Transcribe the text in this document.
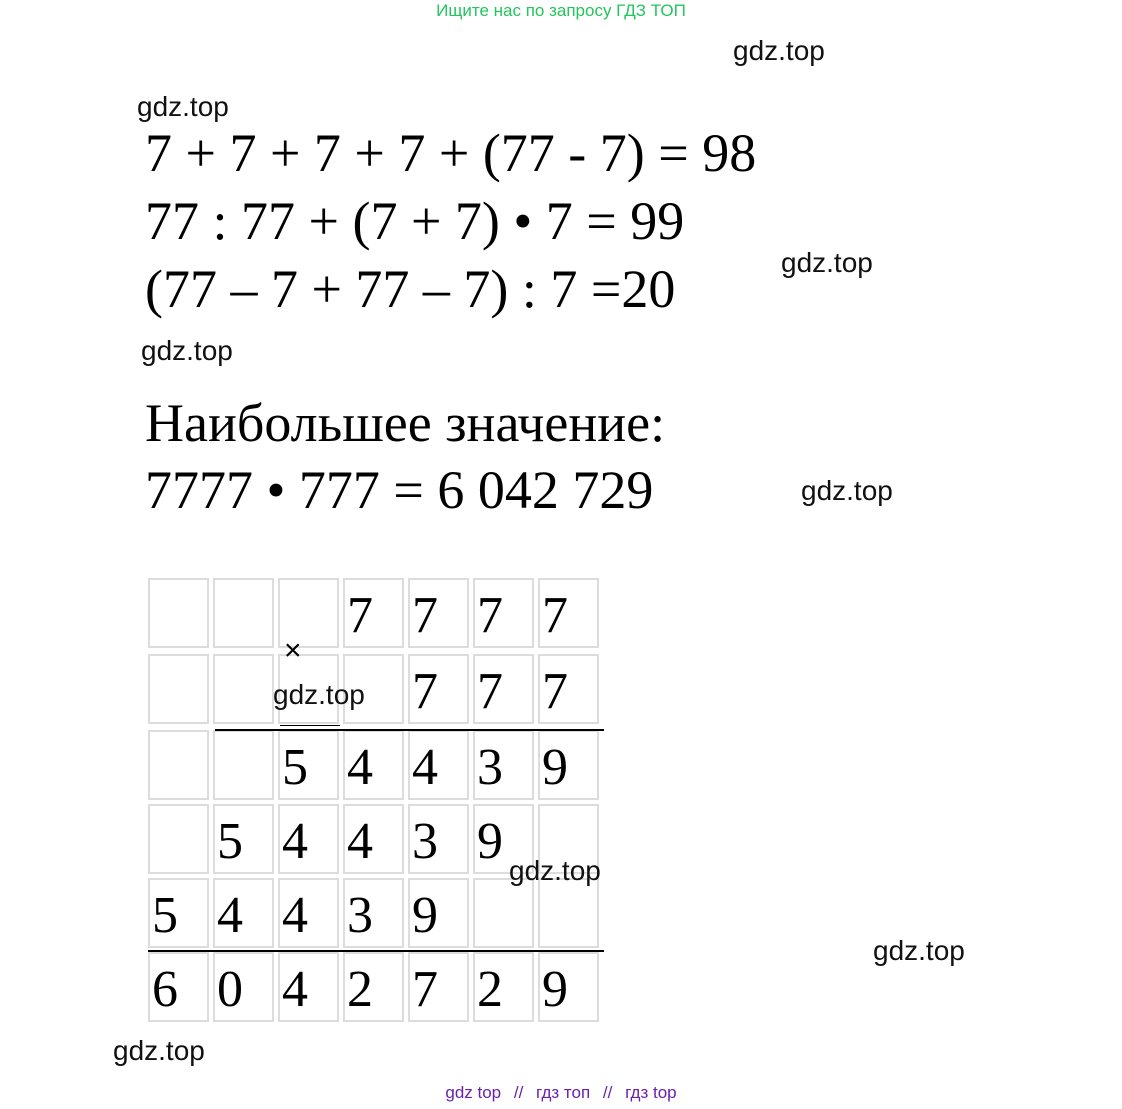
Ищите нас по запросу ГДЗ ТОП
gdz.top
gdz.top
gdz.top
gdz.top
gdz.top
gdz.top
gdz.top
7 + 7 + 7 + 7 + (77 - 7) = 98
77 : 77 + (7 + 7) • 7 = 99
(77 – 7 + 77 – 7) : 7 =20
Наибольшее значение:
7777 • 777 = 6 042 729
7 7 7 7
7 7 7
5 4 4 3 9
5 4 4 3 9
5 4 4 3 9
6 0 4 2 7 2 9
×
gdz.top
gdz.top
gdz top // гдз топ // гдз top
